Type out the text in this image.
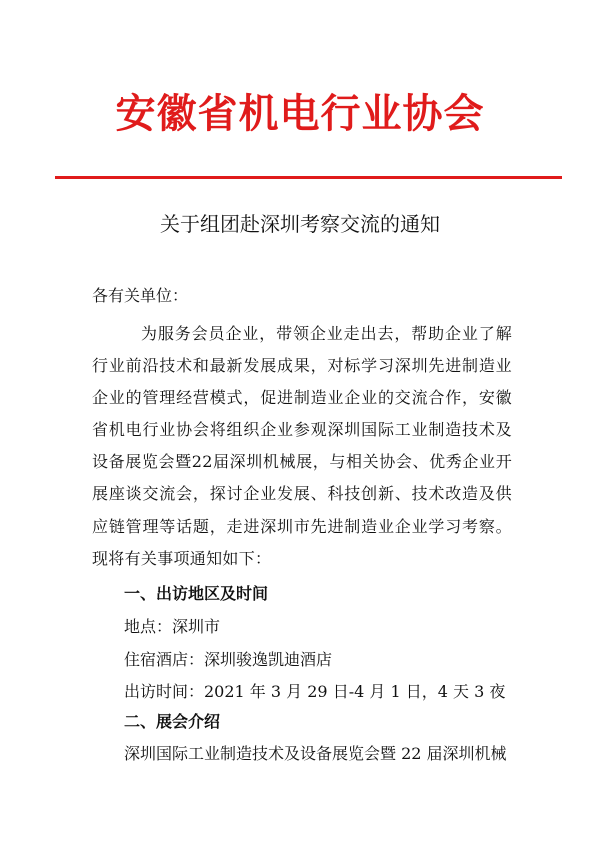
安徽省机电行业协会
关于组团赴深圳考察交流的通知
各有关单位：
为服务会员企业，带领企业走出去，帮助企业了解行业前沿技术和最新发展成果，对标学习深圳先进制造业企业的管理经营模式，促进制造业企业的交流合作，安徽省机电行业协会将组织企业参观深圳国际工业制造技术及设备展览会暨22届深圳机械展，与相关协会、优秀企业开展座谈交流会，探讨企业发展、科技创新、技术改造及供应链管理等话题，走进深圳市先进制造业企业学习考察。现将有关事项通知如下：
一、出访地区及时间
地点：深圳市
住宿酒店：深圳骏逸凯迪酒店
出访时间：2021 年 3 月 29 日-4 月 1 日，4 天 3 夜
二、展会介绍
深圳国际工业制造技术及设备展览会暨 22 届深圳机械
